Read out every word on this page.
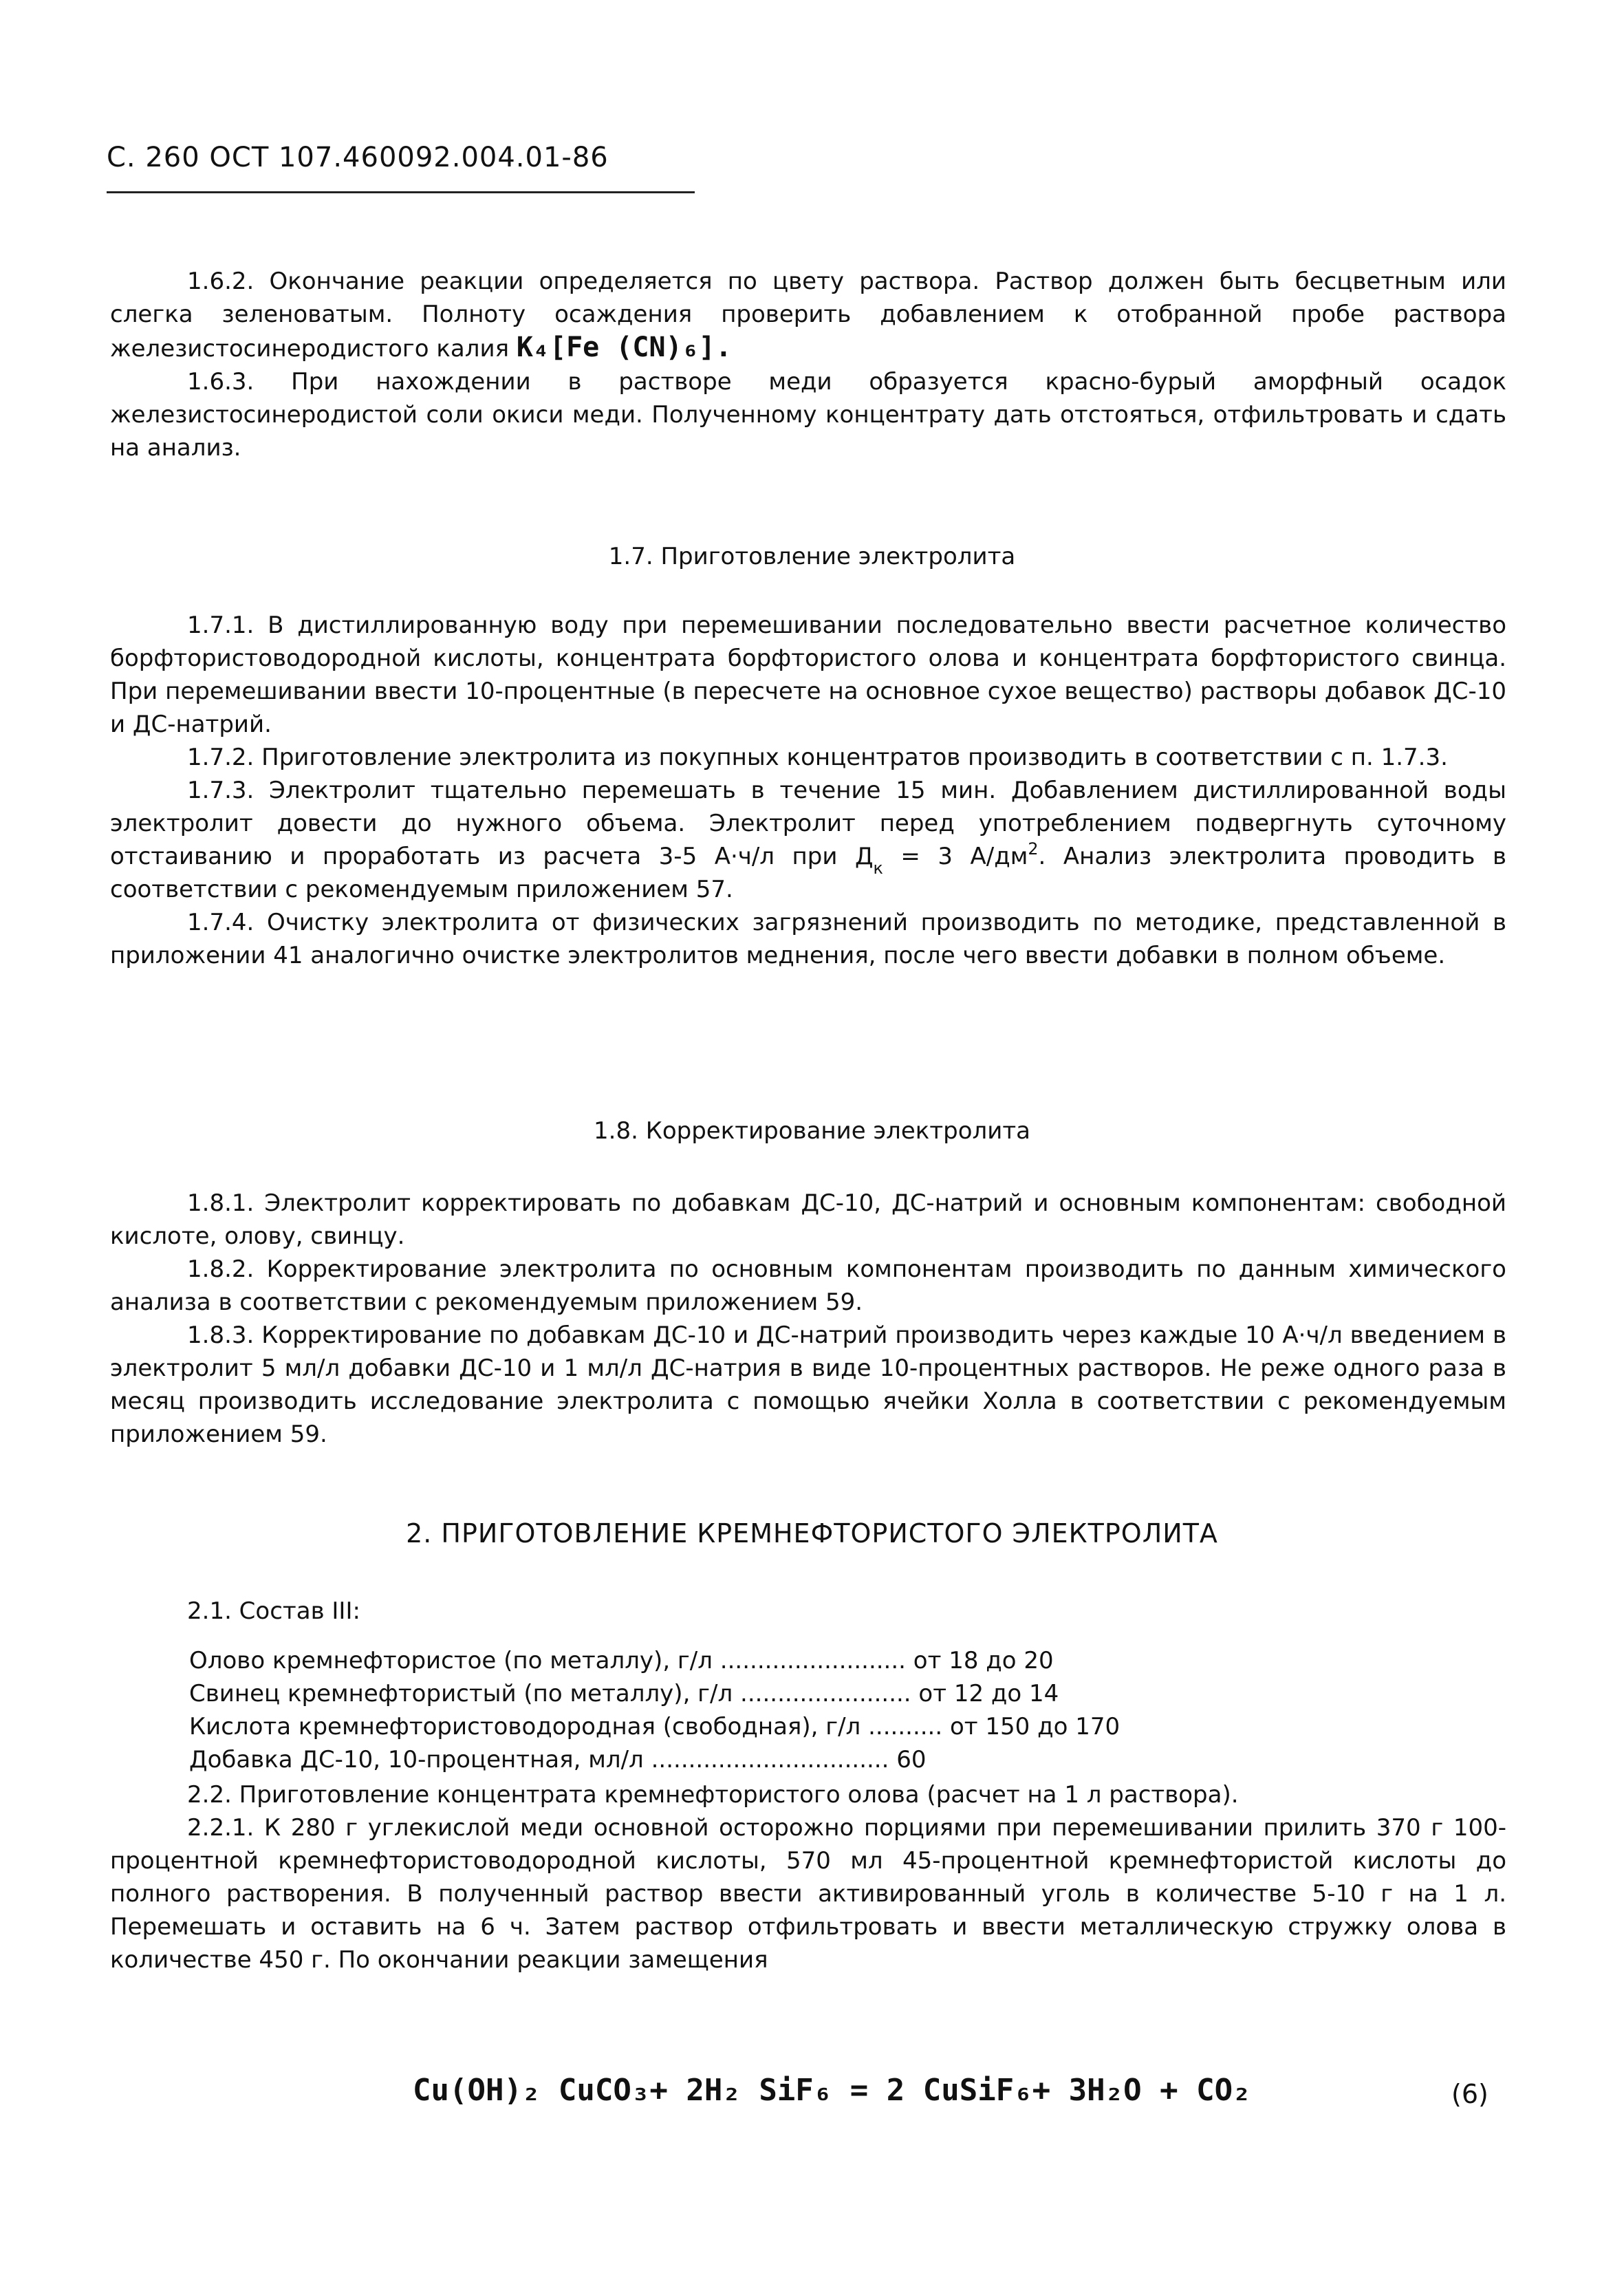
С. 260 ОСТ 107.460092.004.01-86

1.6.2. Окончание реакции определяется по цвету раствора. Раствор должен быть бесцветным или слегка зеленоватым. Полноту осаждения проверить добавлением к отобранной пробе раствора железистосинеродистого калия K₄[Fe (CN)₆].

1.6.3. При нахождении в растворе меди образуется красно-бурый аморфный осадок железистосинеродистой соли окиси меди. Полученному концентрату дать отстояться, отфильтровать и сдать на анализ.

1.7. Приготовление электролита

1.7.1. В дистиллированную воду при перемешивании последовательно ввести расчетное количество борфтористоводородной кислоты, концентрата борфтористого олова и концентрата борфтористого свинца. При перемешивании ввести 10-процентные (в пересчете на основное сухое вещество) растворы добавок ДС-10 и ДС-натрий.

1.7.2. Приготовление электролита из покупных концентратов производить в соответствии с п. 1.7.3.

1.7.3. Электролит тщательно перемешать в течение 15 мин. Добавлением дистиллированной воды электролит довести до нужного объема. Электролит перед употреблением подвергнуть суточному отстаиванию и проработать из расчета 3-5 А·ч/л при $Д_к = 3$ $А/дм^2$. Анализ электролита проводить в соответствии с рекомендуемым приложением 57.

1.7.4. Очистку электролита от физических загрязнений производить по методике, представленной в приложении 41 аналогично очистке электролитов меднения, после чего ввести добавки в полном объеме.

1.8. Корректирование электролита

1.8.1. Электролит корректировать по добавкам ДС-10, ДС-натрий и основным компонентам: свободной кислоте, олову, свинцу.

1.8.2. Корректирование электролита по основным компонентам производить по данным химического анализа в соответствии с рекомендуемым приложением 59.

1.8.3. Корректирование по добавкам ДС-10 и ДС-натрий производить через каждые 10 А·ч/л введением в электролит 5 мл/л добавки ДС-10 и 1 мл/л ДС-натрия в виде 10-процентных растворов. Не реже одного раза в месяц производить исследование электролита с помощью ячейки Холла в соответствии с рекомендуемым приложением 59.

2. ПРИГОТОВЛЕНИЕ КРЕМНЕФТОРИСТОГО ЭЛЕКТРОЛИТА

2.1. Состав III:

Олово кремнефтористое (по металлу), г/л ......................... от 18 до 20
Свинец кремнефтористый (по металлу), г/л ....................... от 12 до 14
Кислота кремнефтористоводородная (свободная), г/л .......... от 150 до 170
Добавка ДС-10, 10-процентная, мл/л ................................ 60

2.2. Приготовление концентрата кремнефтористого олова (расчет на 1 л раствора).

2.2.1. К 280 г углекислой меди основной осторожно порциями при перемешивании прилить 370 г 100-процентной кремнефтористоводородной кислоты, 570 мл 45-процентной кремнефтористой кислоты до полного растворения. В полученный раствор ввести активированный уголь в количестве 5-10 г на 1 л. Перемешать и оставить на 6 ч. Затем раствор отфильтровать и ввести металлическую стружку олова в количестве 450 г. По окончании реакции замещения

Cu(OH)₂ CuCO₃+ 2H₂ SiF₆ = 2 CuSiF₆+ 3H₂O + CO₂	(6)
